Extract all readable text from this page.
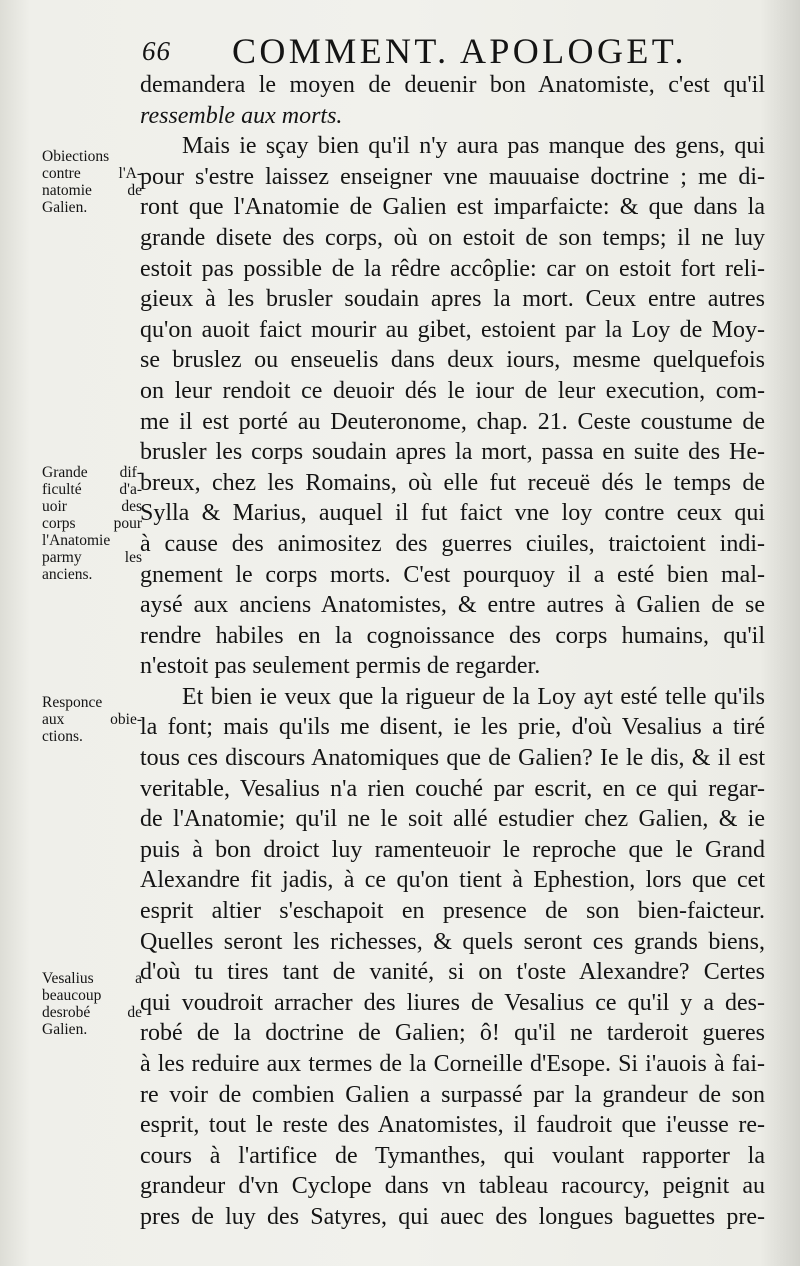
66 COMMENT. APOLOGET.
Obiections
contre l'A-
natomie de
Galien.
Grande dif-
ficulté d'a-
uoir des
corps pour
l'Anatomie
parmy les
anciens.
Responce
aux obie-
ctions.
Vesalius a
beaucoup
desrobé de
Galien.
demandera le moyen de deuenir bon Anatomiste, c'est qu'il
ressemble aux morts.
Mais ie sçay bien qu'il n'y aura pas manque des gens, qui
pour s'estre laissez enseigner vne mauuaise doctrine ; me di-
ront que l'Anatomie de Galien est imparfaicte: & que dans la
grande disete des corps, où on estoit de son temps; il ne luy
estoit pas possible de la rêdre accôplie: car on estoit fort reli-
gieux à les brusler soudain apres la mort. Ceux entre autres
qu'on auoit faict mourir au gibet, estoient par la Loy de Moy-
se bruslez ou enseuelis dans deux iours, mesme quelquefois
on leur rendoit ce deuoir dés le iour de leur execution, com-
me il est porté au Deuteronome, chap. 21. Ceste coustume de
brusler les corps soudain apres la mort, passa en suite des He-
breux, chez les Romains, où elle fut receuë dés le temps de
Sylla & Marius, auquel il fut faict vne loy contre ceux qui
à cause des animositez des guerres ciuiles, traictoient indi-
gnement le corps morts. C'est pourquoy il a esté bien mal-
aysé aux anciens Anatomistes, & entre autres à Galien de se
rendre habiles en la cognoissance des corps humains, qu'il
n'estoit pas seulement permis de regarder.
Et bien ie veux que la rigueur de la Loy ayt esté telle qu'ils
la font; mais qu'ils me disent, ie les prie, d'où Vesalius a tiré
tous ces discours Anatomiques que de Galien? Ie le dis, & il est
veritable, Vesalius n'a rien couché par escrit, en ce qui regar-
de l'Anatomie; qu'il ne le soit allé estudier chez Galien, & ie
puis à bon droict luy ramenteuoir le reproche que le Grand
Alexandre fit jadis, à ce qu'on tient à Ephestion, lors que cet
esprit altier s'eschapoit en presence de son bien-faicteur.
Quelles seront les richesses, & quels seront ces grands biens,
d'où tu tires tant de vanité, si on t'oste Alexandre? Certes
qui voudroit arracher des liures de Vesalius ce qu'il y a des-
robé de la doctrine de Galien; ô! qu'il ne tarderoit gueres
à les reduire aux termes de la Corneille d'Esope. Si i'auois à fai-
re voir de combien Galien a surpassé par la grandeur de son
esprit, tout le reste des Anatomistes, il faudroit que i'eusse re-
cours à l'artifice de Tymanthes, qui voulant rapporter la
grandeur d'vn Cyclope dans vn tableau racourcy, peignit au
pres de luy des Satyres, qui auec des longues baguettes pre-
